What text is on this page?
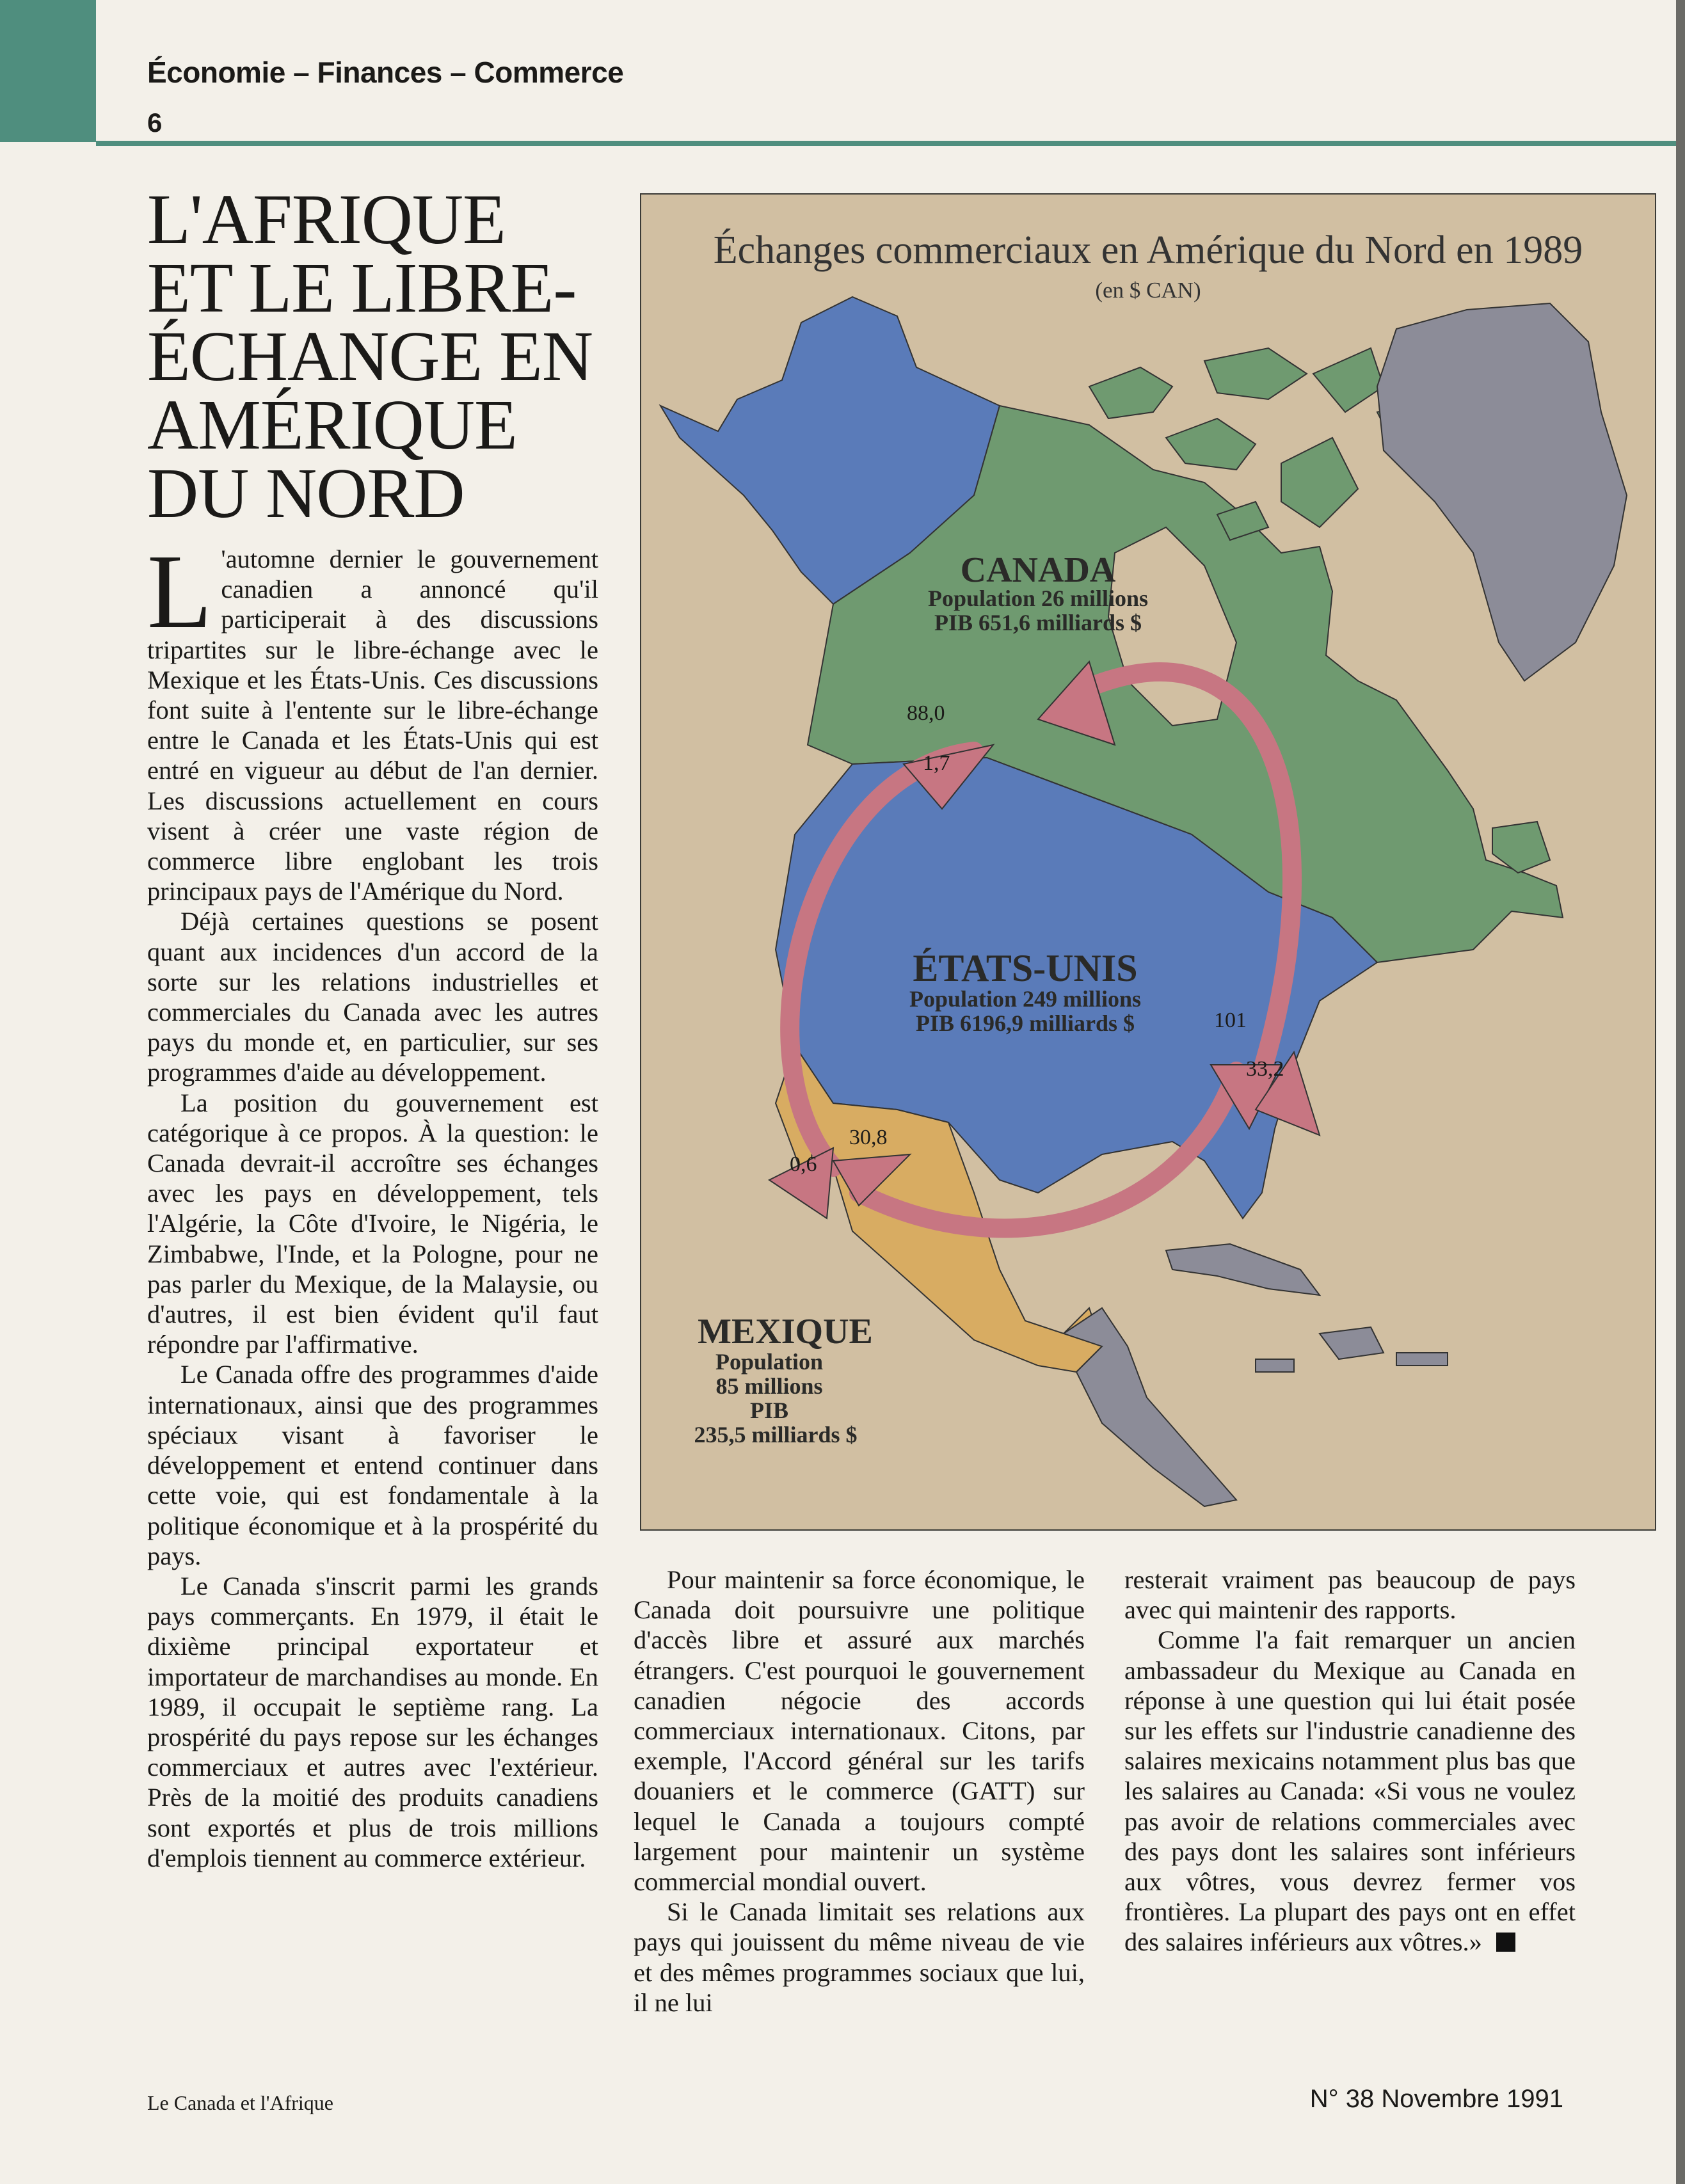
Économie – Finances – Commerce
6
L'AFRIQUE
ET LE LIBRE-
ÉCHANGE EN
AMÉRIQUE
DU NORD

L 'automne dernier le gouvernement canadien a annoncé qu'il participerait à des discussions tripartites sur le libre-échange avec le Mexique et les États-Unis. Ces discussions font suite à l'entente sur le libre-échange entre le Canada et les États-Unis qui est entré en vigueur au début de l'an dernier. Les discussions actuellement en cours visent à créer une vaste région de commerce libre englobant les trois principaux pays de l'Amérique du Nord.

Déjà certaines questions se posent quant aux incidences d'un accord de la sorte sur les relations industrielles et commerciales du Canada avec les autres pays du monde et, en particulier, sur ses programmes d'aide au développement.

La position du gouvernement est catégorique à ce propos. À la question: le Canada devrait-il accroître ses échanges avec les pays en développement, tels l'Algérie, la Côte d'Ivoire, le Nigéria, le Zimbabwe, l'Inde, et la Pologne, pour ne pas parler du Mexique, de la Malaysie, ou d'autres, il est bien évident qu'il faut répondre par l'affirmative.

Le Canada offre des programmes d'aide internationaux, ainsi que des programmes spéciaux visant à favoriser le développement et entend continuer dans cette voie, qui est fondamentale à la politique économique et à la prospérité du pays.

Le Canada s'inscrit parmi les grands pays commerçants. En 1979, il était le dixième principal exportateur et importateur de marchandises au monde. En 1989, il occupait le septième rang. La prospérité du pays repose sur les échanges commerciaux et autres avec l'extérieur. Près de la moitié des produits canadiens sont exportés et plus de trois millions d'emplois tiennent au commerce extérieur.

Échanges commerciaux en Amérique du Nord en 1989
(en $ CAN)
CANADA
Population 26 millions
PIB 651,6 milliards $
ÉTATS-UNIS
Population 249 millions
PIB 6196,9 milliards $
MEXIQUE
Population
85 millions
PIB
235,5 milliards $
88,0
1,7
101
33,2
30,8
0,6

Pour maintenir sa force économique, le Canada doit poursuivre une politique d'accès libre et assuré aux marchés étrangers. C'est pourquoi le gouvernement canadien négocie des accords commerciaux internationaux. Citons, par exemple, l'Accord général sur les tarifs douaniers et le commerce (GATT) sur lequel le Canada a toujours compté largement pour maintenir un système commercial mondial ouvert.

Si le Canada limitait ses relations aux pays qui jouissent du même niveau de vie et des mêmes programmes sociaux que lui, il ne lui

resterait vraiment pas beaucoup de pays avec qui maintenir des rapports.

Comme l'a fait remarquer un ancien ambassadeur du Mexique au Canada en réponse à une question qui lui était posée sur les effets sur l'industrie canadienne des salaires mexicains notamment plus bas que les salaires au Canada: «Si vous ne voulez pas avoir de relations commerciales avec des pays dont les salaires sont inférieurs aux vôtres, vous devrez fermer vos frontières. La plupart des pays ont en effet des salaires inférieurs aux vôtres.»

Le Canada et l'Afrique	N° 38 Novembre 1991
